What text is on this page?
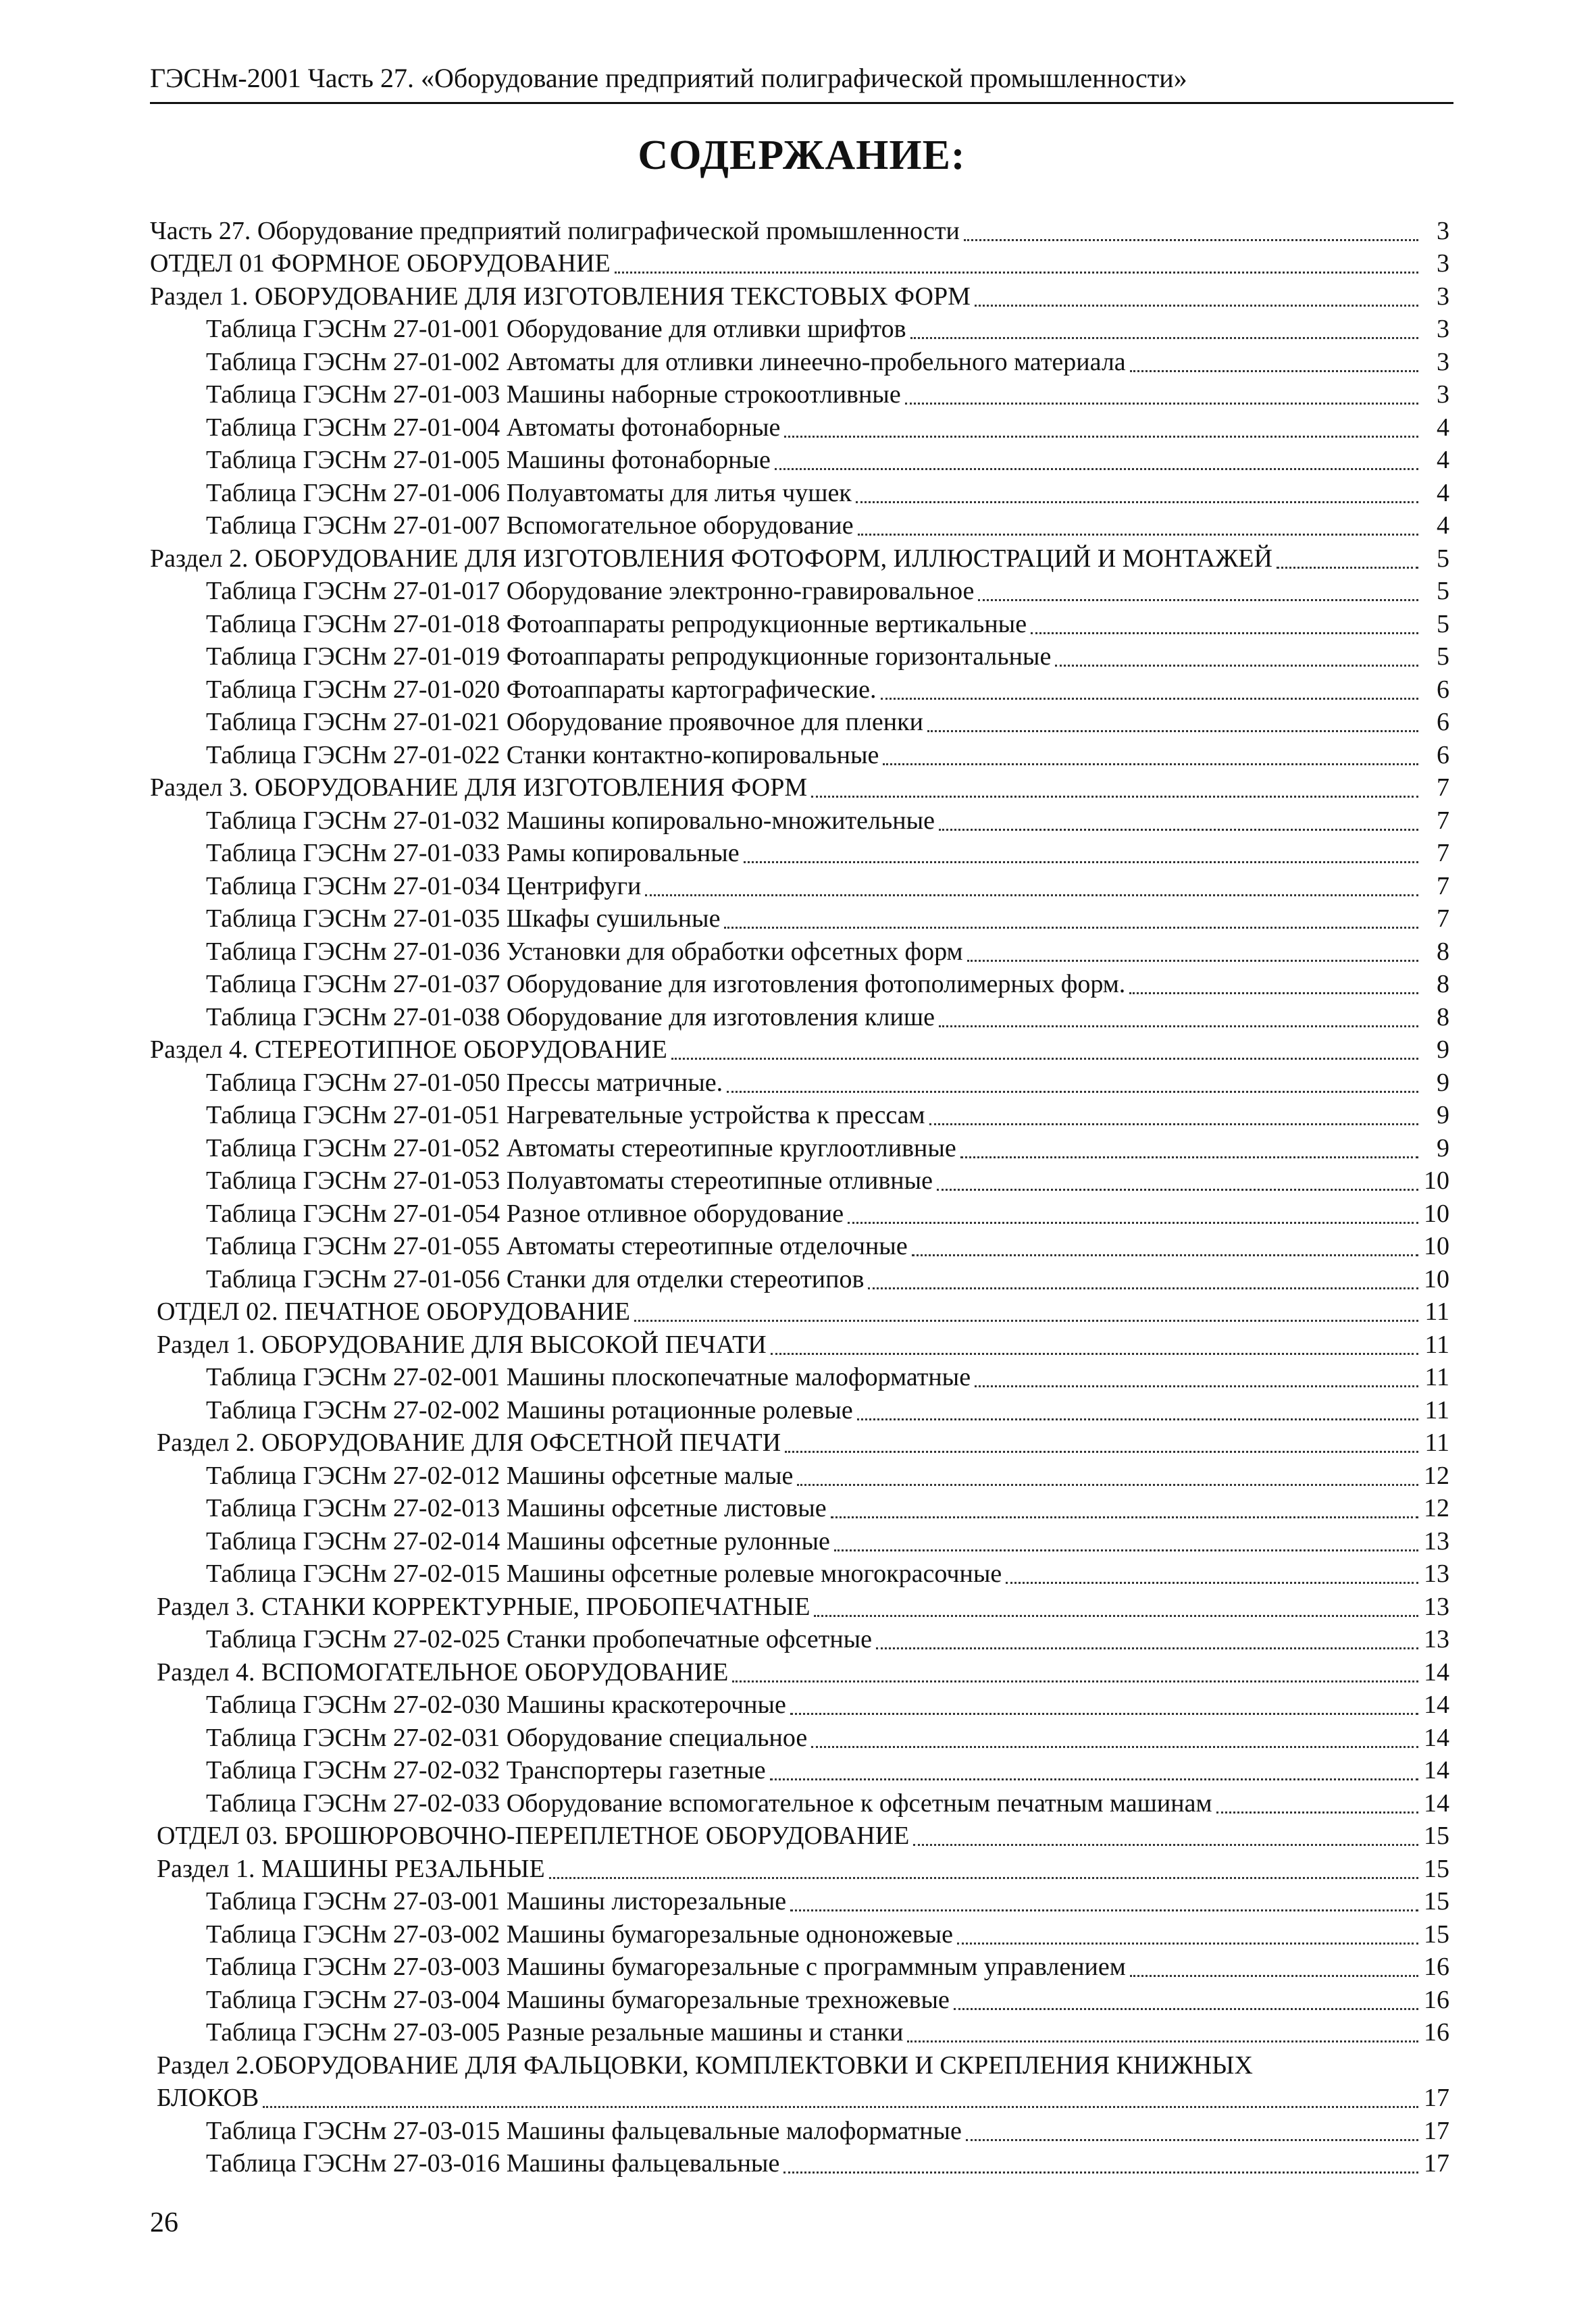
ГЭСНм-2001 Часть 27. «Оборудование предприятий полиграфической промышленности»
СОДЕРЖАНИЕ:
Часть 27. Оборудование предприятий полиграфической промышленности	3
ОТДЕЛ 01 ФОРМНОЕ ОБОРУДОВАНИЕ	3
Раздел 1. ОБОРУДОВАНИЕ ДЛЯ ИЗГОТОВЛЕНИЯ ТЕКСТОВЫХ ФОРМ	3
Таблица ГЭСНм 27-01-001 Оборудование для отливки шрифтов	3
Таблица ГЭСНм 27-01-002 Автоматы для отливки линеечно-пробельного материала	3
Таблица ГЭСНм 27-01-003 Машины наборные строкоотливные	3
Таблица ГЭСНм 27-01-004 Автоматы фотонаборные	4
Таблица ГЭСНм 27-01-005 Машины фотонаборные	4
Таблица ГЭСНм 27-01-006 Полуавтоматы для литья чушек	4
Таблица ГЭСНм 27-01-007 Вспомогательное оборудование	4
Раздел 2. ОБОРУДОВАНИЕ ДЛЯ ИЗГОТОВЛЕНИЯ ФОТОФОРМ, ИЛЛЮСТРАЦИЙ И МОНТАЖЕЙ	5
Таблица ГЭСНм 27-01-017 Оборудование электронно-гравировальное	5
Таблица ГЭСНм 27-01-018 Фотоаппараты репродукционные вертикальные	5
Таблица ГЭСНм 27-01-019 Фотоаппараты репродукционные горизонтальные	5
Таблица ГЭСНм 27-01-020 Фотоаппараты картографические.	6
Таблица ГЭСНм 27-01-021 Оборудование проявочное для пленки	6
Таблица ГЭСНм 27-01-022 Станки контактно-копировальные	6
Раздел 3. ОБОРУДОВАНИЕ ДЛЯ ИЗГОТОВЛЕНИЯ ФОРМ	7
Таблица ГЭСНм 27-01-032 Машины копировально-множительные	7
Таблица ГЭСНм 27-01-033 Рамы копировальные	7
Таблица ГЭСНм 27-01-034 Центрифуги	7
Таблица ГЭСНм 27-01-035 Шкафы сушильные	7
Таблица ГЭСНм 27-01-036 Установки для обработки офсетных форм	8
Таблица ГЭСНм 27-01-037 Оборудование для изготовления фотополимерных форм.	8
Таблица ГЭСНм 27-01-038 Оборудование для изготовления клише	8
Раздел 4. СТЕРЕОТИПНОЕ ОБОРУДОВАНИЕ	9
Таблица ГЭСНм 27-01-050 Прессы матричные.	9
Таблица ГЭСНм 27-01-051 Нагревательные устройства к прессам	9
Таблица ГЭСНм 27-01-052 Автоматы стереотипные круглоотливные	9
Таблица ГЭСНм 27-01-053 Полуавтоматы стереотипные отливные	10
Таблица ГЭСНм 27-01-054 Разное отливное оборудование	10
Таблица ГЭСНм 27-01-055 Автоматы стереотипные отделочные	10
Таблица ГЭСНм 27-01-056 Станки для отделки стереотипов	10
ОТДЕЛ 02. ПЕЧАТНОЕ ОБОРУДОВАНИЕ	11
Раздел 1. ОБОРУДОВАНИЕ ДЛЯ ВЫСОКОЙ ПЕЧАТИ	11
Таблица ГЭСНм 27-02-001 Машины плоскопечатные малоформатные	11
Таблица ГЭСНм 27-02-002 Машины ротационные ролевые	11
Раздел 2. ОБОРУДОВАНИЕ ДЛЯ ОФСЕТНОЙ ПЕЧАТИ	11
Таблица ГЭСНм 27-02-012 Машины офсетные малые	12
Таблица ГЭСНм 27-02-013 Машины офсетные листовые	12
Таблица ГЭСНм 27-02-014 Машины офсетные рулонные	13
Таблица ГЭСНм 27-02-015 Машины офсетные ролевые многокрасочные	13
Раздел 3. СТАНКИ КОРРЕКТУРНЫЕ, ПРОБОПЕЧАТНЫЕ	13
Таблица ГЭСНм 27-02-025 Станки пробопечатные офсетные	13
Раздел 4. ВСПОМОГАТЕЛЬНОЕ ОБОРУДОВАНИЕ	14
Таблица ГЭСНм 27-02-030 Машины краскотерочные	14
Таблица ГЭСНм 27-02-031 Оборудование специальное	14
Таблица ГЭСНм 27-02-032 Транспортеры газетные	14
Таблица ГЭСНм 27-02-033 Оборудование вспомогательное к офсетным печатным машинам	14
ОТДЕЛ 03. БРОШЮРОВОЧНО-ПЕРЕПЛЕТНОЕ ОБОРУДОВАНИЕ	15
Раздел 1. МАШИНЫ РЕЗАЛЬНЫЕ	15
Таблица ГЭСНм 27-03-001 Машины листорезальные	15
Таблица ГЭСНм 27-03-002 Машины бумагорезальные одноножевые	15
Таблица ГЭСНм 27-03-003 Машины бумагорезальные с программным управлением	16
Таблица ГЭСНм 27-03-004 Машины бумагорезальные трехножевые	16
Таблица ГЭСНм 27-03-005 Разные резальные машины и станки	16
Раздел 2.ОБОРУДОВАНИЕ ДЛЯ ФАЛЬЦОВКИ, КОМПЛЕКТОВКИ И СКРЕПЛЕНИЯ КНИЖНЫХ
БЛОКОВ	17
Таблица ГЭСНм 27-03-015 Машины фальцевальные малоформатные	17
Таблица ГЭСНм 27-03-016 Машины фальцевальные	17
26
